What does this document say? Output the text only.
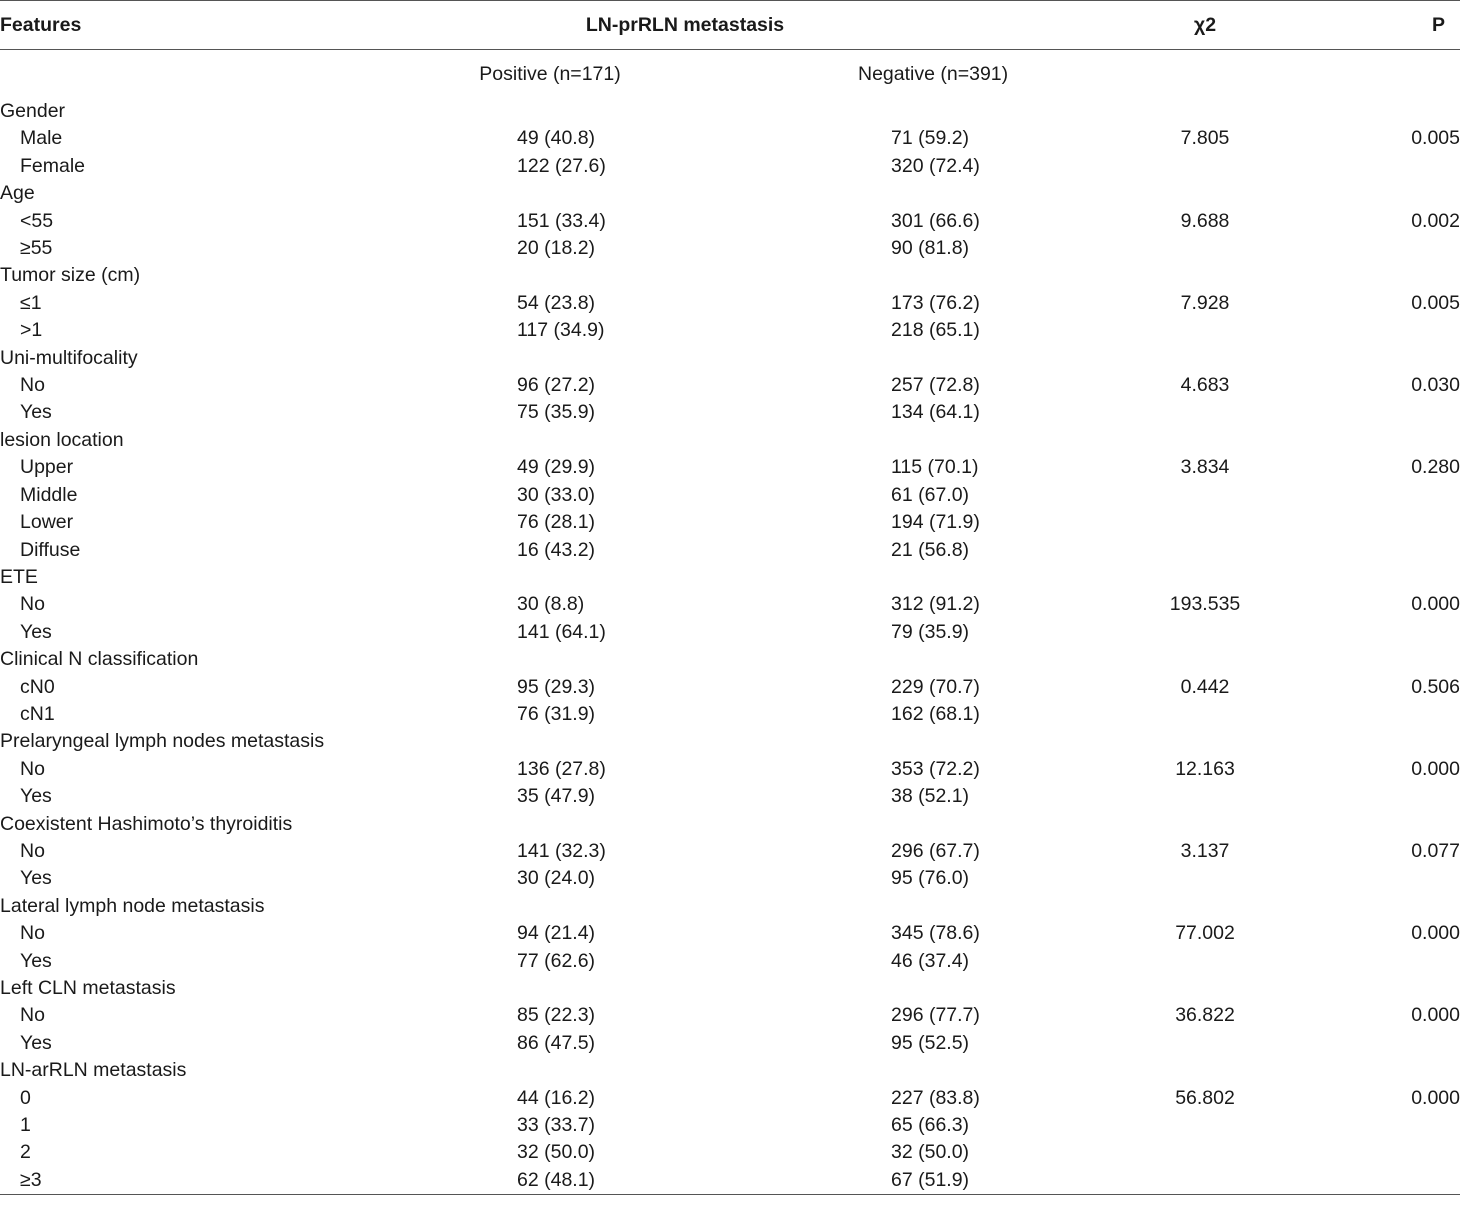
Features	LN-prRLN metastasis		χ2	P
	Positive (n=171)	Negative (n=391)		
Gender				
Male	49 (40.8)	71 (59.2)	7.805	0.005
Female	122 (27.6)	320 (72.4)		
Age				
<55	151 (33.4)	301 (66.6)	9.688	0.002
≥55	20 (18.2)	90 (81.8)		
Tumor size (cm)				
≤1	54 (23.8)	173 (76.2)	7.928	0.005
>1	117 (34.9)	218 (65.1)		
Uni-multifocality				
No	96 (27.2)	257 (72.8)	4.683	0.030
Yes	75 (35.9)	134 (64.1)		
lesion location				
Upper	49 (29.9)	115 (70.1)	3.834	0.280
Middle	30 (33.0)	61 (67.0)		
Lower	76 (28.1)	194 (71.9)		
Diffuse	16 (43.2)	21 (56.8)		
ETE				
No	30 (8.8)	312 (91.2)	193.535	0.000
Yes	141 (64.1)	79 (35.9)		
Clinical N classification				
cN0	95 (29.3)	229 (70.7)	0.442	0.506
cN1	76 (31.9)	162 (68.1)		
Prelaryngeal lymph nodes metastasis				
No	136 (27.8)	353 (72.2)	12.163	0.000
Yes	35 (47.9)	38 (52.1)		
Coexistent Hashimoto’s thyroiditis				
No	141 (32.3)	296 (67.7)	3.137	0.077
Yes	30 (24.0)	95 (76.0)		
Lateral lymph node metastasis				
No	94 (21.4)	345 (78.6)	77.002	0.000
Yes	77 (62.6)	46 (37.4)		
Left CLN metastasis				
No	85 (22.3)	296 (77.7)	36.822	0.000
Yes	86 (47.5)	95 (52.5)		
LN-arRLN metastasis				
0	44 (16.2)	227 (83.8)	56.802	0.000
1	33 (33.7)	65 (66.3)		
2	32 (50.0)	32 (50.0)		
≥3	62 (48.1)	67 (51.9)		
